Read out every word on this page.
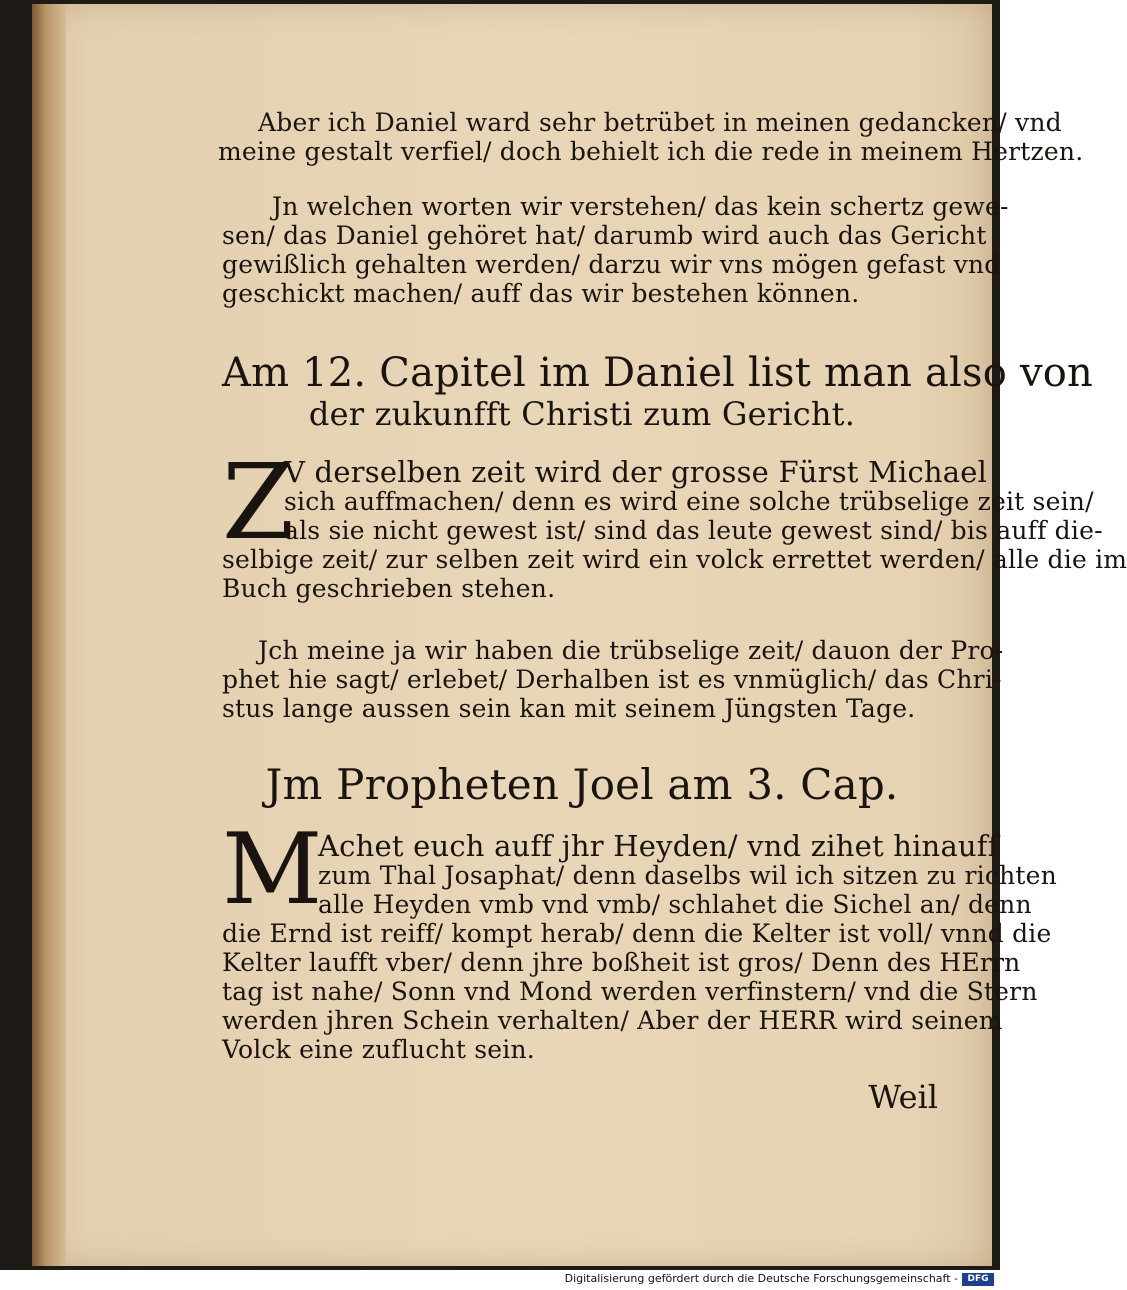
Aber ich Daniel ward sehr betrübet in meinen gedancken/ vnd
meine gestalt verfiel/ doch behielt ich die rede in meinem Hertzen.
Jn welchen worten wir verstehen/ das kein schertz gewe-
sen/ das Daniel gehöret hat/ darumb wird auch das Gericht
gewißlich gehalten werden/ darzu wir vns mögen gefast vnd
geschickt machen/ auff das wir bestehen können.
Am 12. Capitel im Daniel list man also von
der zukunfft Christi zum Gericht.
Z
V derselben zeit wird der grosse Fürst Michael
sich auffmachen/ denn es wird eine solche trübselige zeit sein/
als sie nicht gewest ist/ sind das leute gewest sind/ bis auff die-
selbige zeit/ zur selben zeit wird ein volck errettet werden/ alle die im
Buch geschrieben stehen.
Jch meine ja wir haben die trübselige zeit/ dauon der Pro-
phet hie sagt/ erlebet/ Derhalben ist es vnmüglich/ das Chri-
stus lange aussen sein kan mit seinem Jüngsten Tage.
Jm Propheten Joel am 3. Cap.
M
Achet euch auff jhr Heyden/ vnd zihet hinauff
zum Thal Josaphat/ denn daselbs wil ich sitzen zu richten
alle Heyden vmb vnd vmb/ schlahet die Sichel an/ denn
die Ernd ist reiff/ kompt herab/ denn die Kelter ist voll/ vnnd die
Kelter laufft vber/ denn jhre boßheit ist gros/ Denn des HErrn
tag ist nahe/ Sonn vnd Mond werden verfinstern/ vnd die Stern
werden jhren Schein verhalten/ Aber der HERR wird seinem
Volck eine zuflucht sein.
Weil
Digitalisierung gefördert durch die Deutsche Forschungsgemeinschaft -	DFG
